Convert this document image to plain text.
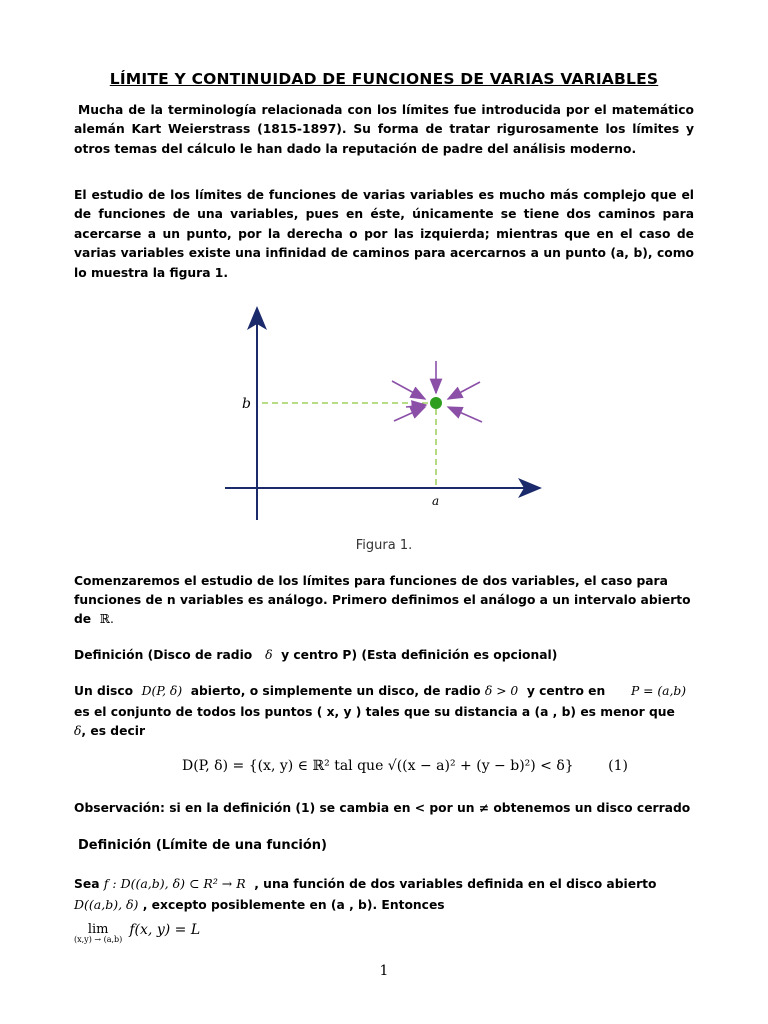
LÍMITE Y CONTINUIDAD DE FUNCIONES DE VARIAS VARIABLES

Mucha de la terminología relacionada con los límites fue introducida por el matemático alemán Kart Weierstrass (1815-1897). Su forma de tratar rigurosamente los límites y otros temas del cálculo le han dado la reputación de padre del análisis moderno.

El estudio de los límites de funciones de varias variables es mucho más complejo que el de funciones de una variables, pues en éste, únicamente se tiene dos caminos para acercarse a un punto, por la derecha o por las izquierda; mientras que en el caso de varias variables existe una infinidad de caminos para acercarnos a un punto (a, b), como lo muestra la figura 1.

b
a
Figura 1.
Comenzaremos el estudio de los límites para funciones de dos variables, el caso para
funciones de n variables es análogo. Primero definimos el análogo a un intervalo abierto
de ℝ.
Definición (Disco de radio δ y centro P) (Esta definición es opcional)
Un disco D(P, δ) abierto, o simplemente un disco, de radio δ > 0 y centro en P = (a,b)
es el conjunto de todos los puntos ( x, y ) tales que su distancia a (a , b) es menor que
δ, es decir
D(P, δ) = {(x, y) ∈ ℝ² tal que √((x − a)² + (y − b)²) < δ} (1)
Observación: si en la definición (1) se cambia en < por un ≠ obtenemos un disco cerrado
Definición (Límite de una función)
Sea f : D((a,b), δ) ⊂ R² → R , una función de dos variables definida en el disco abierto
D((a,b), δ) , excepto posiblemente en (a , b). Entonces
lim
(x,y) → (a,b)
f(x, y) = L
1
